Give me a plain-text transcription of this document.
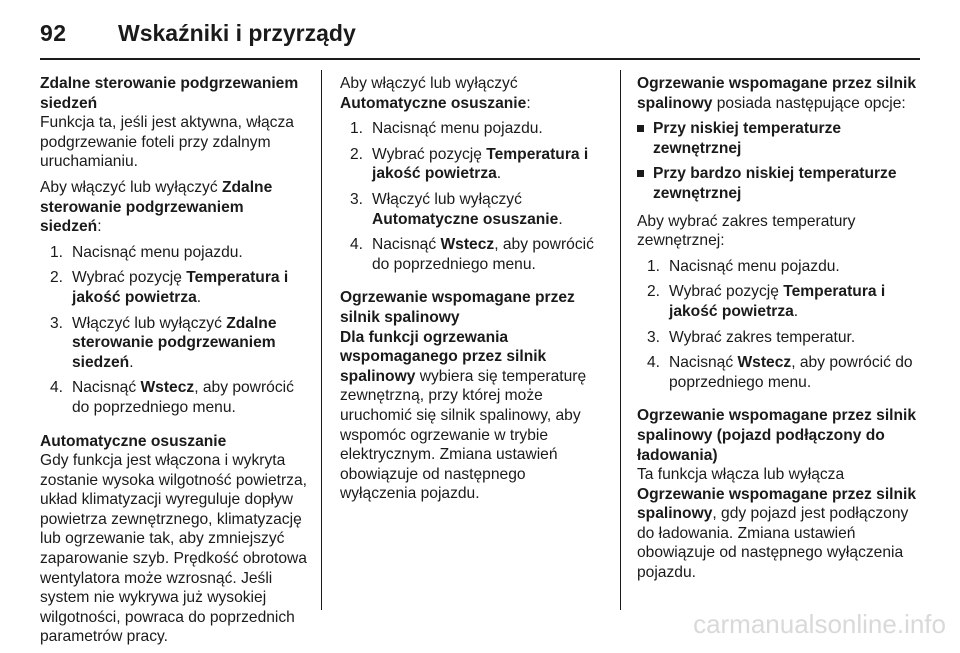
92 Wskaźniki i przyrządy
Zdalne sterowanie podgrzewaniem
siedzeń

Funkcja ta, jeśli jest aktywna, włącza podgrzewanie foteli przy zdalnym uruchamianiu.

Aby włączyć lub wyłączyć Zdalne sterowanie podgrzewaniem siedzeń:

1. Nacisnąć menu pojazdu.
2. Wybrać pozycję Temperatura i jakość powietrza.
3. Włączyć lub wyłączyć Zdalne sterowanie podgrzewaniem siedzeń.
4. Nacisnąć Wstecz, aby powrócić do poprzedniego menu.
Automatyczne osuszanie

Gdy funkcja jest włączona i wykryta zostanie wysoka wilgotność powietrza, układ klimatyzacji wyreguluje dopływ powietrza zewnętrznego, klimatyzację lub ogrzewanie tak, aby zmniejszyć zaparowanie szyb. Prędkość obrotowa wentylatora może wzrosnąć. Jeśli system nie wykrywa już wysokiej wilgotności, powraca do poprzednich parametrów pracy.

Aby włączyć lub wyłączyć
Automatyczne osuszanie:

1. Nacisnąć menu pojazdu.
2. Wybrać pozycję Temperatura i jakość powietrza.
3. Włączyć lub wyłączyć Automatyczne osuszanie.
4. Nacisnąć Wstecz, aby powrócić do poprzedniego menu.
Ogrzewanie wspomagane przez silnik spalinowy

Dla funkcji ogrzewania wspomaganego przez silnik spalinowy wybiera się temperaturę zewnętrzną, przy której może uruchomić się silnik spalinowy, aby wspomóc ogrzewanie w trybie elektrycznym. Zmiana ustawień obowiązuje od następnego wyłączenia pojazdu.

Ogrzewanie wspomagane przez silnik spalinowy posiada następujące opcje:

Przy niskiej temperaturze zewnętrznej
Przy bardzo niskiej temperaturze zewnętrznej

Aby wybrać zakres temperatury zewnętrznej:

1. Nacisnąć menu pojazdu.
2. Wybrać pozycję Temperatura i jakość powietrza.
3. Wybrać zakres temperatur.
4. Nacisnąć Wstecz, aby powrócić do poprzedniego menu.
Ogrzewanie wspomagane przez silnik spalinowy (pojazd podłączony do ładowania)

Ta funkcja włącza lub wyłącza Ogrzewanie wspomagane przez silnik spalinowy, gdy pojazd jest podłączony do ładowania. Zmiana ustawień obowiązuje od następnego wyłączenia pojazdu.

carmanualsonline.info
